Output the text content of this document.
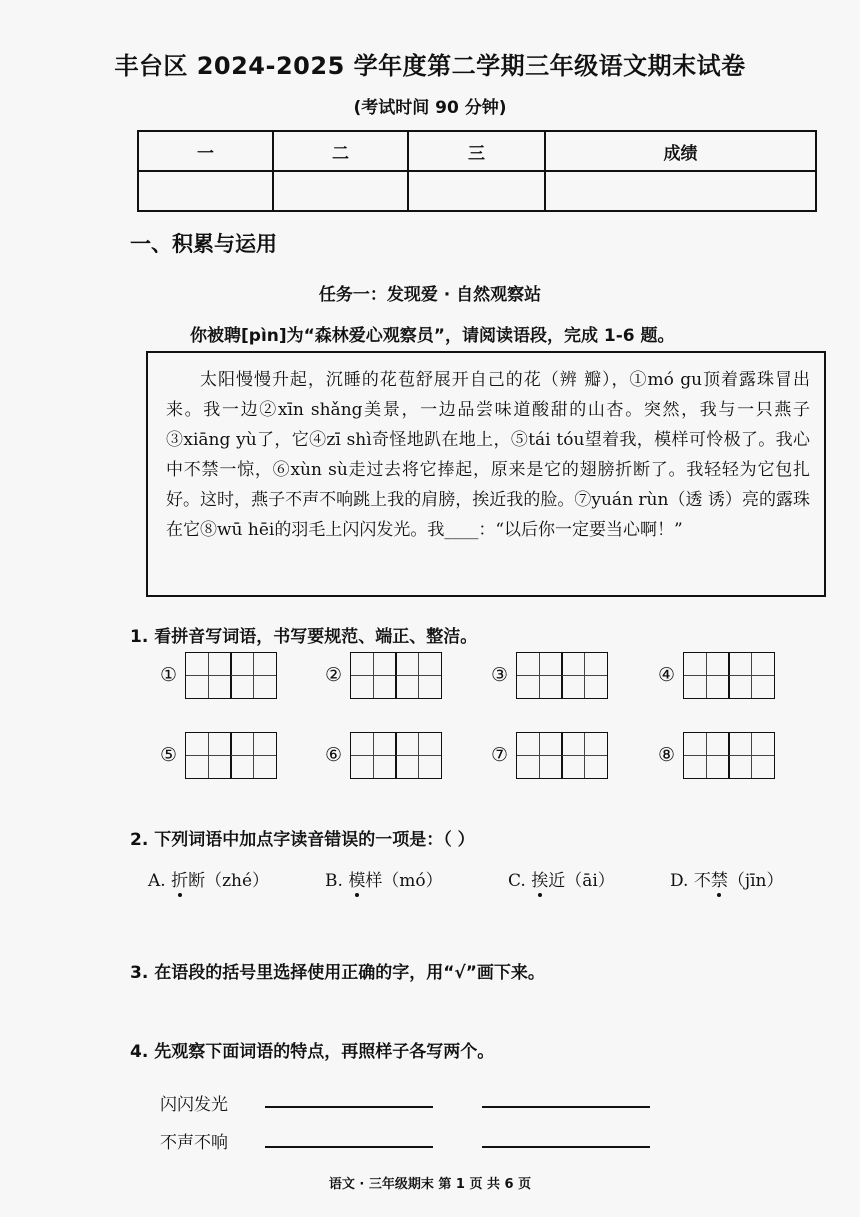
丰台区 2024-2025 学年度第二学期三年级语文期末试卷
(考试时间 90 分钟)
一	二	三	成绩

一、积累与运用
任务一：发现爱 · 自然观察站
你被聘[pìn]为“森林爱心观察员”，请阅读语段，完成 1-6 题。
太阳慢慢升起，沉睡的花苞舒展开自己的花（辨 瓣），①mó gu顶着露珠冒出来。我一边②xīn shǎng美景，一边品尝味道酸甜的山杏。突然，我与一只燕子③xiāng yù了，它④zī shì奇怪地趴在地上，⑤tái tóu望着我，模样可怜极了。我心中不禁一惊，⑥xùn sù走过去将它捧起，原来是它的翅膀折断了。我轻轻为它包扎好。这时，燕子不声不响跳上我的肩膀，挨近我的脸。⑦yuán rùn（透 诱）亮的露珠在它⑧wū hēi的羽毛上闪闪发光。我____：“以后你一定要当心啊！”
1. 看拼音写词语，书写要规范、端正、整洁。
①	②	③	④
⑤	⑥	⑦	⑧
2. 下列词语中加点字读音错误的一项是：（ ）
A. 折断（zhé）	B. 模样（mó）	C. 挨近（āi）	D. 不禁（jīn）
3. 在语段的括号里选择使用正确的字，用“√”画下来。
4. 先观察下面词语的特点，再照样子各写两个。
闪闪发光
不声不响
语文 · 三年级期末 第 1 页 共 6 页
